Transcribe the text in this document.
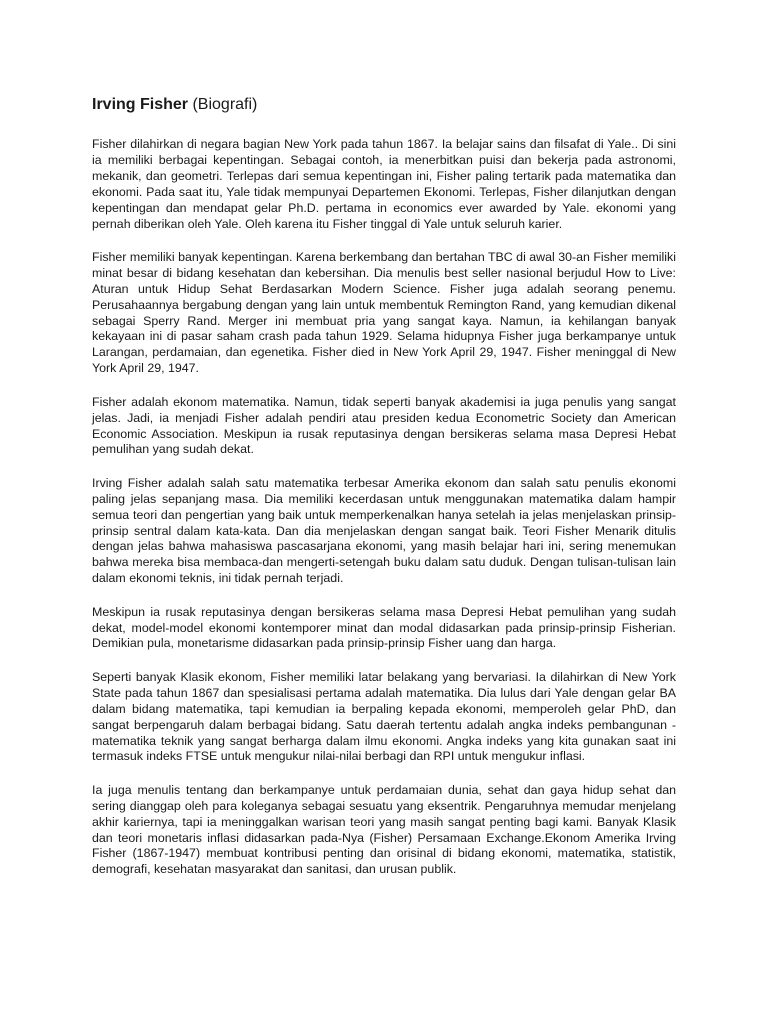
Irving Fisher (Biografi)

Fisher dilahirkan di negara bagian New York pada tahun 1867. Ia belajar sains dan filsafat di Yale.. Di sini ia memiliki berbagai kepentingan. Sebagai contoh, ia menerbitkan puisi dan bekerja pada astronomi, mekanik, dan geometri. Terlepas dari semua kepentingan ini, Fisher paling tertarik pada matematika dan ekonomi. Pada saat itu, Yale tidak mempunyai Departemen Ekonomi. Terlepas, Fisher dilanjutkan dengan kepentingan dan mendapat gelar Ph.D. pertama in economics ever awarded by Yale. ekonomi yang pernah diberikan oleh Yale. Oleh karena itu Fisher tinggal di Yale untuk seluruh karier.

Fisher memiliki banyak kepentingan. Karena berkembang dan bertahan TBC di awal 30-an Fisher memiliki minat besar di bidang kesehatan dan kebersihan. Dia menulis best seller nasional berjudul How to Live: Aturan untuk Hidup Sehat Berdasarkan Modern Science. Fisher juga adalah seorang penemu. Perusahaannya bergabung dengan yang lain untuk membentuk Remington Rand, yang kemudian dikenal sebagai Sperry Rand. Merger ini membuat pria yang sangat kaya. Namun, ia kehilangan banyak kekayaan ini di pasar saham crash pada tahun 1929. Selama hidupnya Fisher juga berkampanye untuk Larangan, perdamaian, dan egenetika. Fisher died in New York April 29, 1947. Fisher meninggal di New York April 29, 1947.

Fisher adalah ekonom matematika. Namun, tidak seperti banyak akademisi ia juga penulis yang sangat jelas. Jadi, ia menjadi Fisher adalah pendiri atau presiden kedua Econometric Society dan American Economic Association. Meskipun ia rusak reputasinya dengan bersikeras selama masa Depresi Hebat pemulihan yang sudah dekat.

Irving Fisher adalah salah satu matematika terbesar Amerika ekonom dan salah satu penulis ekonomi paling jelas sepanjang masa. Dia memiliki kecerdasan untuk menggunakan matematika dalam hampir semua teori dan pengertian yang baik untuk memperkenalkan hanya setelah ia jelas menjelaskan prinsip-prinsip sentral dalam kata-kata. Dan dia menjelaskan dengan sangat baik. Teori Fisher Menarik ditulis dengan jelas bahwa mahasiswa pascasarjana ekonomi, yang masih belajar hari ini, sering menemukan bahwa mereka bisa membaca-dan mengerti-setengah buku dalam satu duduk. Dengan tulisan-tulisan lain dalam ekonomi teknis, ini tidak pernah terjadi.

Meskipun ia rusak reputasinya dengan bersikeras selama masa Depresi Hebat pemulihan yang sudah dekat, model-model ekonomi kontemporer minat dan modal didasarkan pada prinsip-prinsip Fisherian. Demikian pula, monetarisme didasarkan pada prinsip-prinsip Fisher uang dan harga.

Seperti banyak Klasik ekonom, Fisher memiliki latar belakang yang bervariasi. Ia dilahirkan di New York State pada tahun 1867 dan spesialisasi pertama adalah matematika. Dia lulus dari Yale dengan gelar BA dalam bidang matematika, tapi kemudian ia berpaling kepada ekonomi, memperoleh gelar PhD, dan sangat berpengaruh dalam berbagai bidang. Satu daerah tertentu adalah angka indeks pembangunan - matematika teknik yang sangat berharga dalam ilmu ekonomi. Angka indeks yang kita gunakan saat ini termasuk indeks FTSE untuk mengukur nilai-nilai berbagi dan RPI untuk mengukur inflasi.

Ia juga menulis tentang dan berkampanye untuk perdamaian dunia, sehat dan gaya hidup sehat dan sering dianggap oleh para koleganya sebagai sesuatu yang eksentrik. Pengaruhnya memudar menjelang akhir kariernya, tapi ia meninggalkan warisan teori yang masih sangat penting bagi kami. Banyak Klasik dan teori monetaris inflasi didasarkan pada-Nya (Fisher) Persamaan Exchange.Ekonom Amerika Irving Fisher (1867-1947) membuat kontribusi penting dan orisinal di bidang ekonomi, matematika, statistik, demografi, kesehatan masyarakat dan sanitasi, dan urusan publik.
